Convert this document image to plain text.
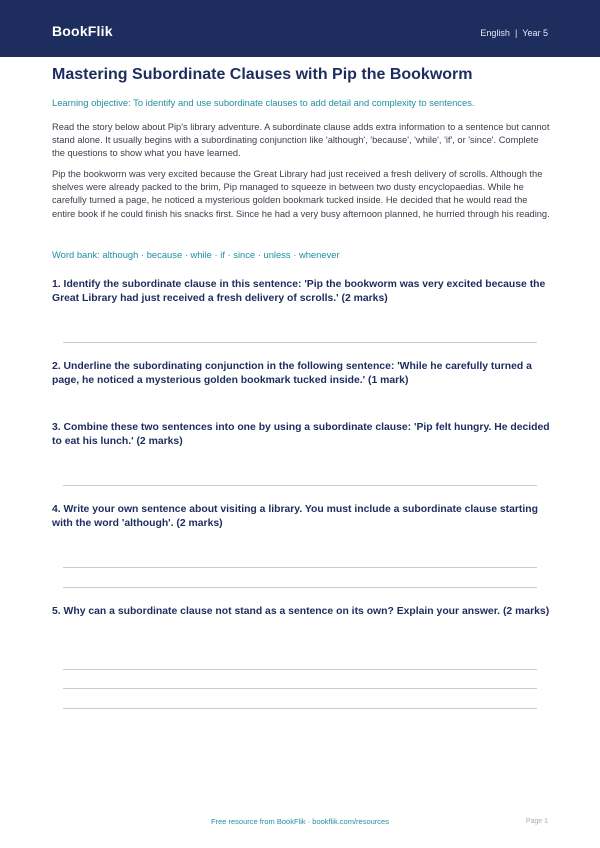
BookFlik	English | Year 5
Mastering Subordinate Clauses with Pip the Bookworm
Learning objective: To identify and use subordinate clauses to add detail and complexity to sentences.

Read the story below about Pip's library adventure. A subordinate clause adds extra information to a sentence but cannot stand alone. It usually begins with a subordinating conjunction like 'although', 'because', 'while', 'if', or 'since'. Complete the questions to show what you have learned.

Pip the bookworm was very excited because the Great Library had just received a fresh delivery of scrolls. Although the shelves were already packed to the brim, Pip managed to squeeze in between two dusty encyclopaedias. While he carefully turned a page, he noticed a mysterious golden bookmark tucked inside. He decided that he would read the entire book if he could finish his snacks first. Since he had a very busy afternoon planned, he hurried through his reading.

Word bank: although · because · while · if · since · unless · whenever

1. Identify the subordinate clause in this sentence: 'Pip the bookworm was very excited because the Great Library had just received a fresh delivery of scrolls.' (2 marks)

2. Underline the subordinating conjunction in the following sentence: 'While he carefully turned a page, he noticed a mysterious golden bookmark tucked inside.' (1 mark)

3. Combine these two sentences into one by using a subordinate clause: 'Pip felt hungry. He decided to eat his lunch.' (2 marks)

4. Write your own sentence about visiting a library. You must include a subordinate clause starting with the word 'although'. (2 marks)

5. Why can a subordinate clause not stand as a sentence on its own? Explain your answer. (2 marks)

Free resource from BookFlik · bookflik.com/resources	Page 1
